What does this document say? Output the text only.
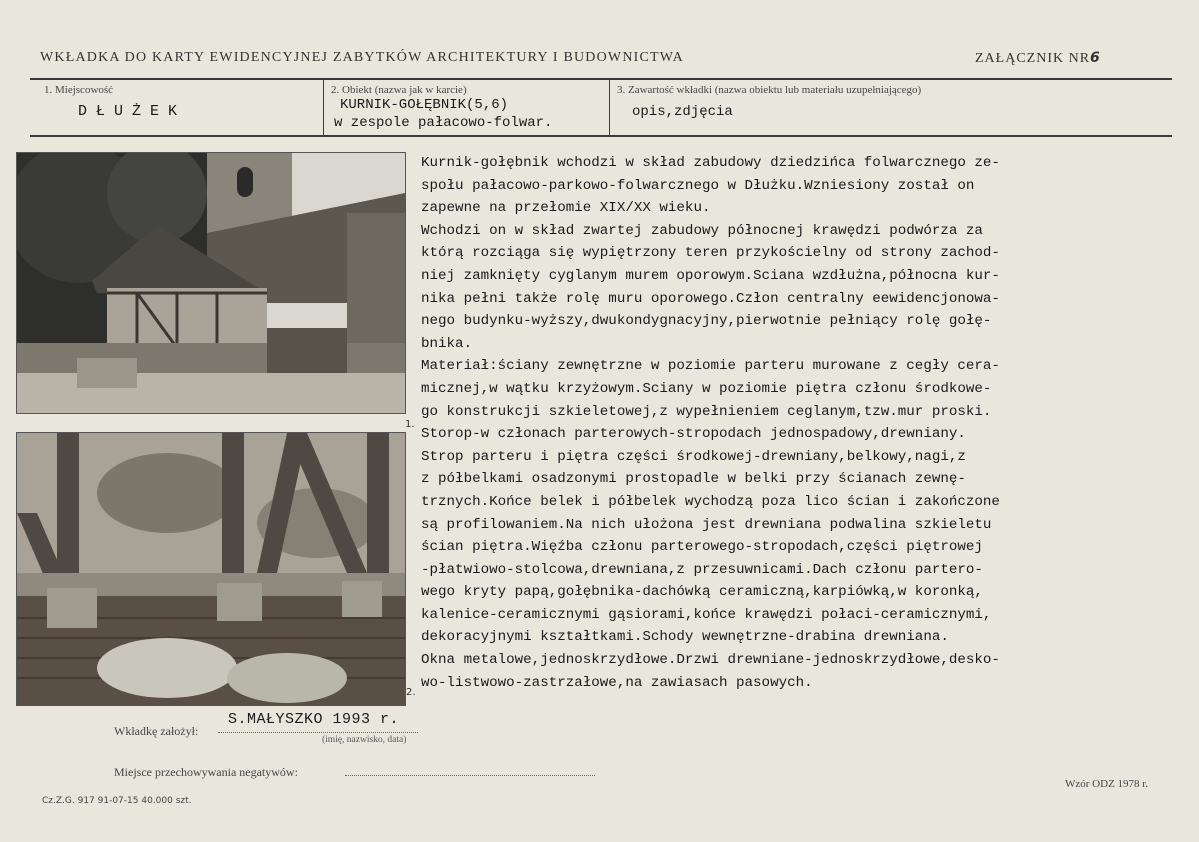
WKŁADKA DO KARTY EWIDENCYJNEJ ZABYTKÓW ARCHITEKTURY I BUDOWNICTWA	ZAŁĄCZNIK NR6
1. Miejscowość
DŁUŻEK
2. Obiekt (nazwa jak w karcie)
KURNIK-GOŁĘBNIK(5,6)
w zespole pałacowo-folwar.
3. Zawartość wkładki (nazwa obiektu lub materiału uzupełniającego)
opis,zdjęcia
1.
2.
Kurnik-gołębnik wchodzi w skład zabudowy dziedzińca folwarcznego ze-
społu pałacowo-parkowo-folwarcznego w Dłużku.Wzniesiony został on
zapewne na przełomie XIX/XX wieku.
Wchodzi on w skład zwartej zabudowy północnej krawędzi podwórza za
którą rozciąga się wypiętrzony teren przykościelny od strony zachod-
niej zamknięty cyglanym murem oporowym.Sciana wzdłużna,północna kur-
nika pełni także rolę muru oporowego.Człon centralny eewidencjonowa-
nego budynku-wyższy,dwukondygnacyjny,pierwotnie pełniący rolę gołę-
bnika.
Materiał:ściany zewnętrzne w poziomie parteru murowane z cegły cera-
micznej,w wątku krzyżowym.Sciany w poziomie piętra członu środkowe-
go konstrukcji szkieletowej,z wypełnieniem ceglanym,tzw.mur proski.
Storop-w członach parterowych-stropodach jednospadowy,drewniany.
Strop parteru i piętra części środkowej-drewniany,belkowy,nagi,z
z półbelkami osadzonymi prostopadle w belki przy ścianach zewnę-
trznych.Końce belek i półbelek wychodzą poza lico ścian i zakończone
są profilowaniem.Na nich ułożona jest drewniana podwalina szkieletu
ścian piętra.Więźba członu parterowego-stropodach,części piętrowej
-płatwiowo-stolcowa,drewniana,z przesuwnicami.Dach członu partero-
wego kryty papą,gołębnika-dachówką ceramiczną,karpiówką,w koronką,
kalenice-ceramicznymi gąsiorami,końce krawędzi połaci-ceramicznymi,
dekoracyjnymi kształtkami.Schody wewnętrzne-drabina drewniana.
Okna metalowe,jednoskrzydłowe.Drzwi drewniane-jednoskrzydłowe,desko-
wo-listwowo-zastrzałowe,na zawiasach pasowych.
Wkładkę założył:
S.MAŁYSZKO 1993 r.
(imię, nazwisko, data)
Miejsce przechowywania negatywów:
Wzór ODZ 1978 r.
Cz.Z.G. 917 91-07-15 40.000 szt.
